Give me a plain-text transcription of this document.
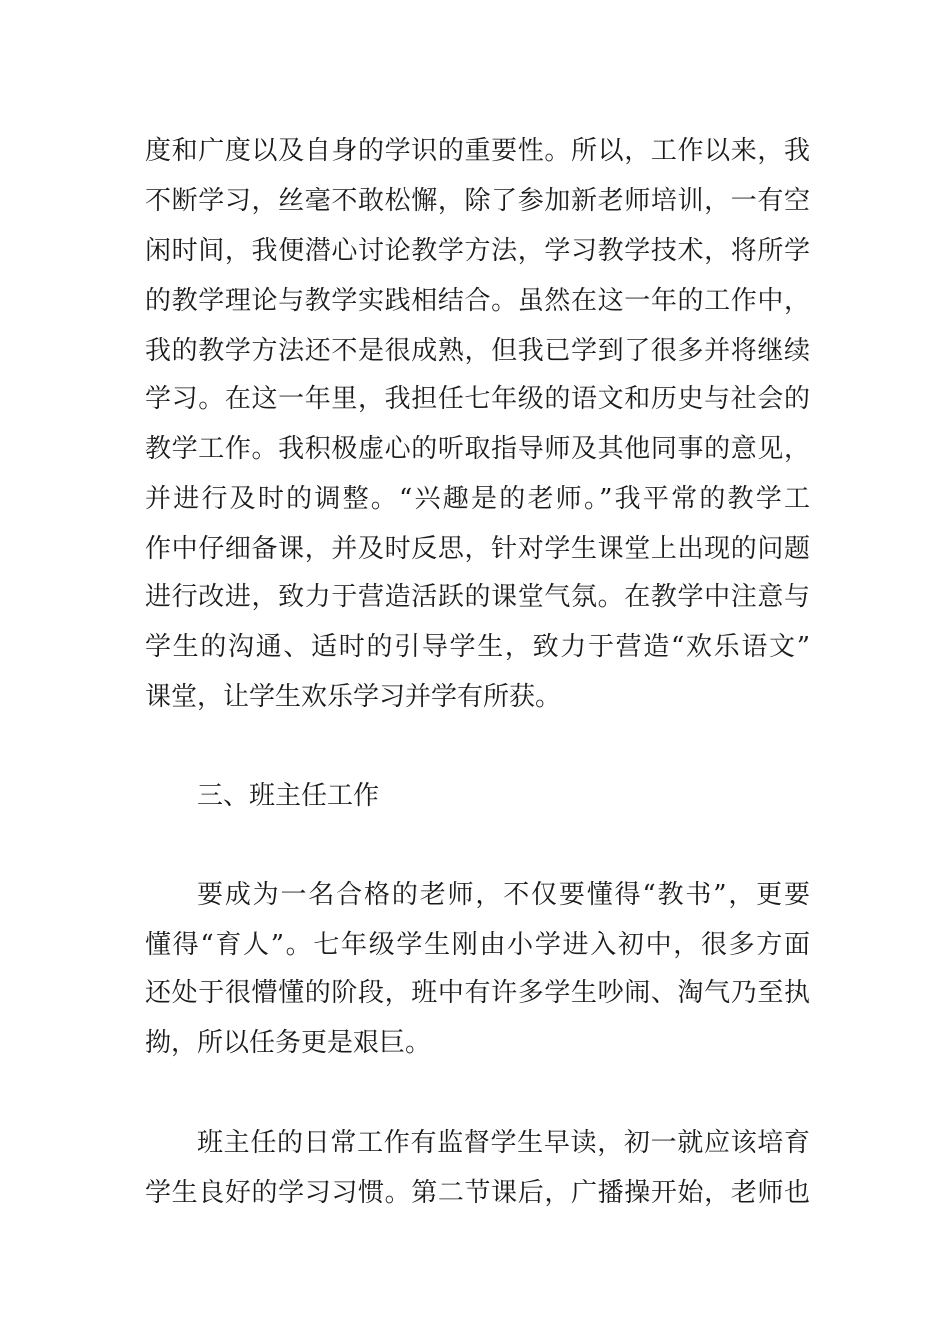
度和广度以及自身的学识的重要性。所以，工作以来，我
不断学习，丝毫不敢松懈，除了参加新老师培训，一有空
闲时间，我便潜心讨论教学方法，学习教学技术，将所学
的教学理论与教学实践相结合。虽然在这一年的工作中，
我的教学方法还不是很成熟，但我已学到了很多并将继续
学习。在这一年里，我担任七年级的语文和历史与社会的
教学工作。我积极虚心的听取指导师及其他同事的意见，
并进行及时的调整。“兴趣是的老师。”我平常的教学工
作中仔细备课，并及时反思，针对学生课堂上出现的问题
进行改进，致力于营造活跃的课堂气氛。在教学中注意与
学生的沟通、适时的引导学生，致力于营造“欢乐语文”
课堂，让学生欢乐学习并学有所获。
三、班主任工作
要成为一名合格的老师，不仅要懂得“教书”，更要
懂得“育人”。七年级学生刚由小学进入初中，很多方面
还处于很懵懂的阶段，班中有许多学生吵闹、淘气乃至执
拗，所以任务更是艰巨。
班主任的日常工作有监督学生早读，初一就应该培育
学生良好的学习习惯。第二节课后，广播操开始，老师也
